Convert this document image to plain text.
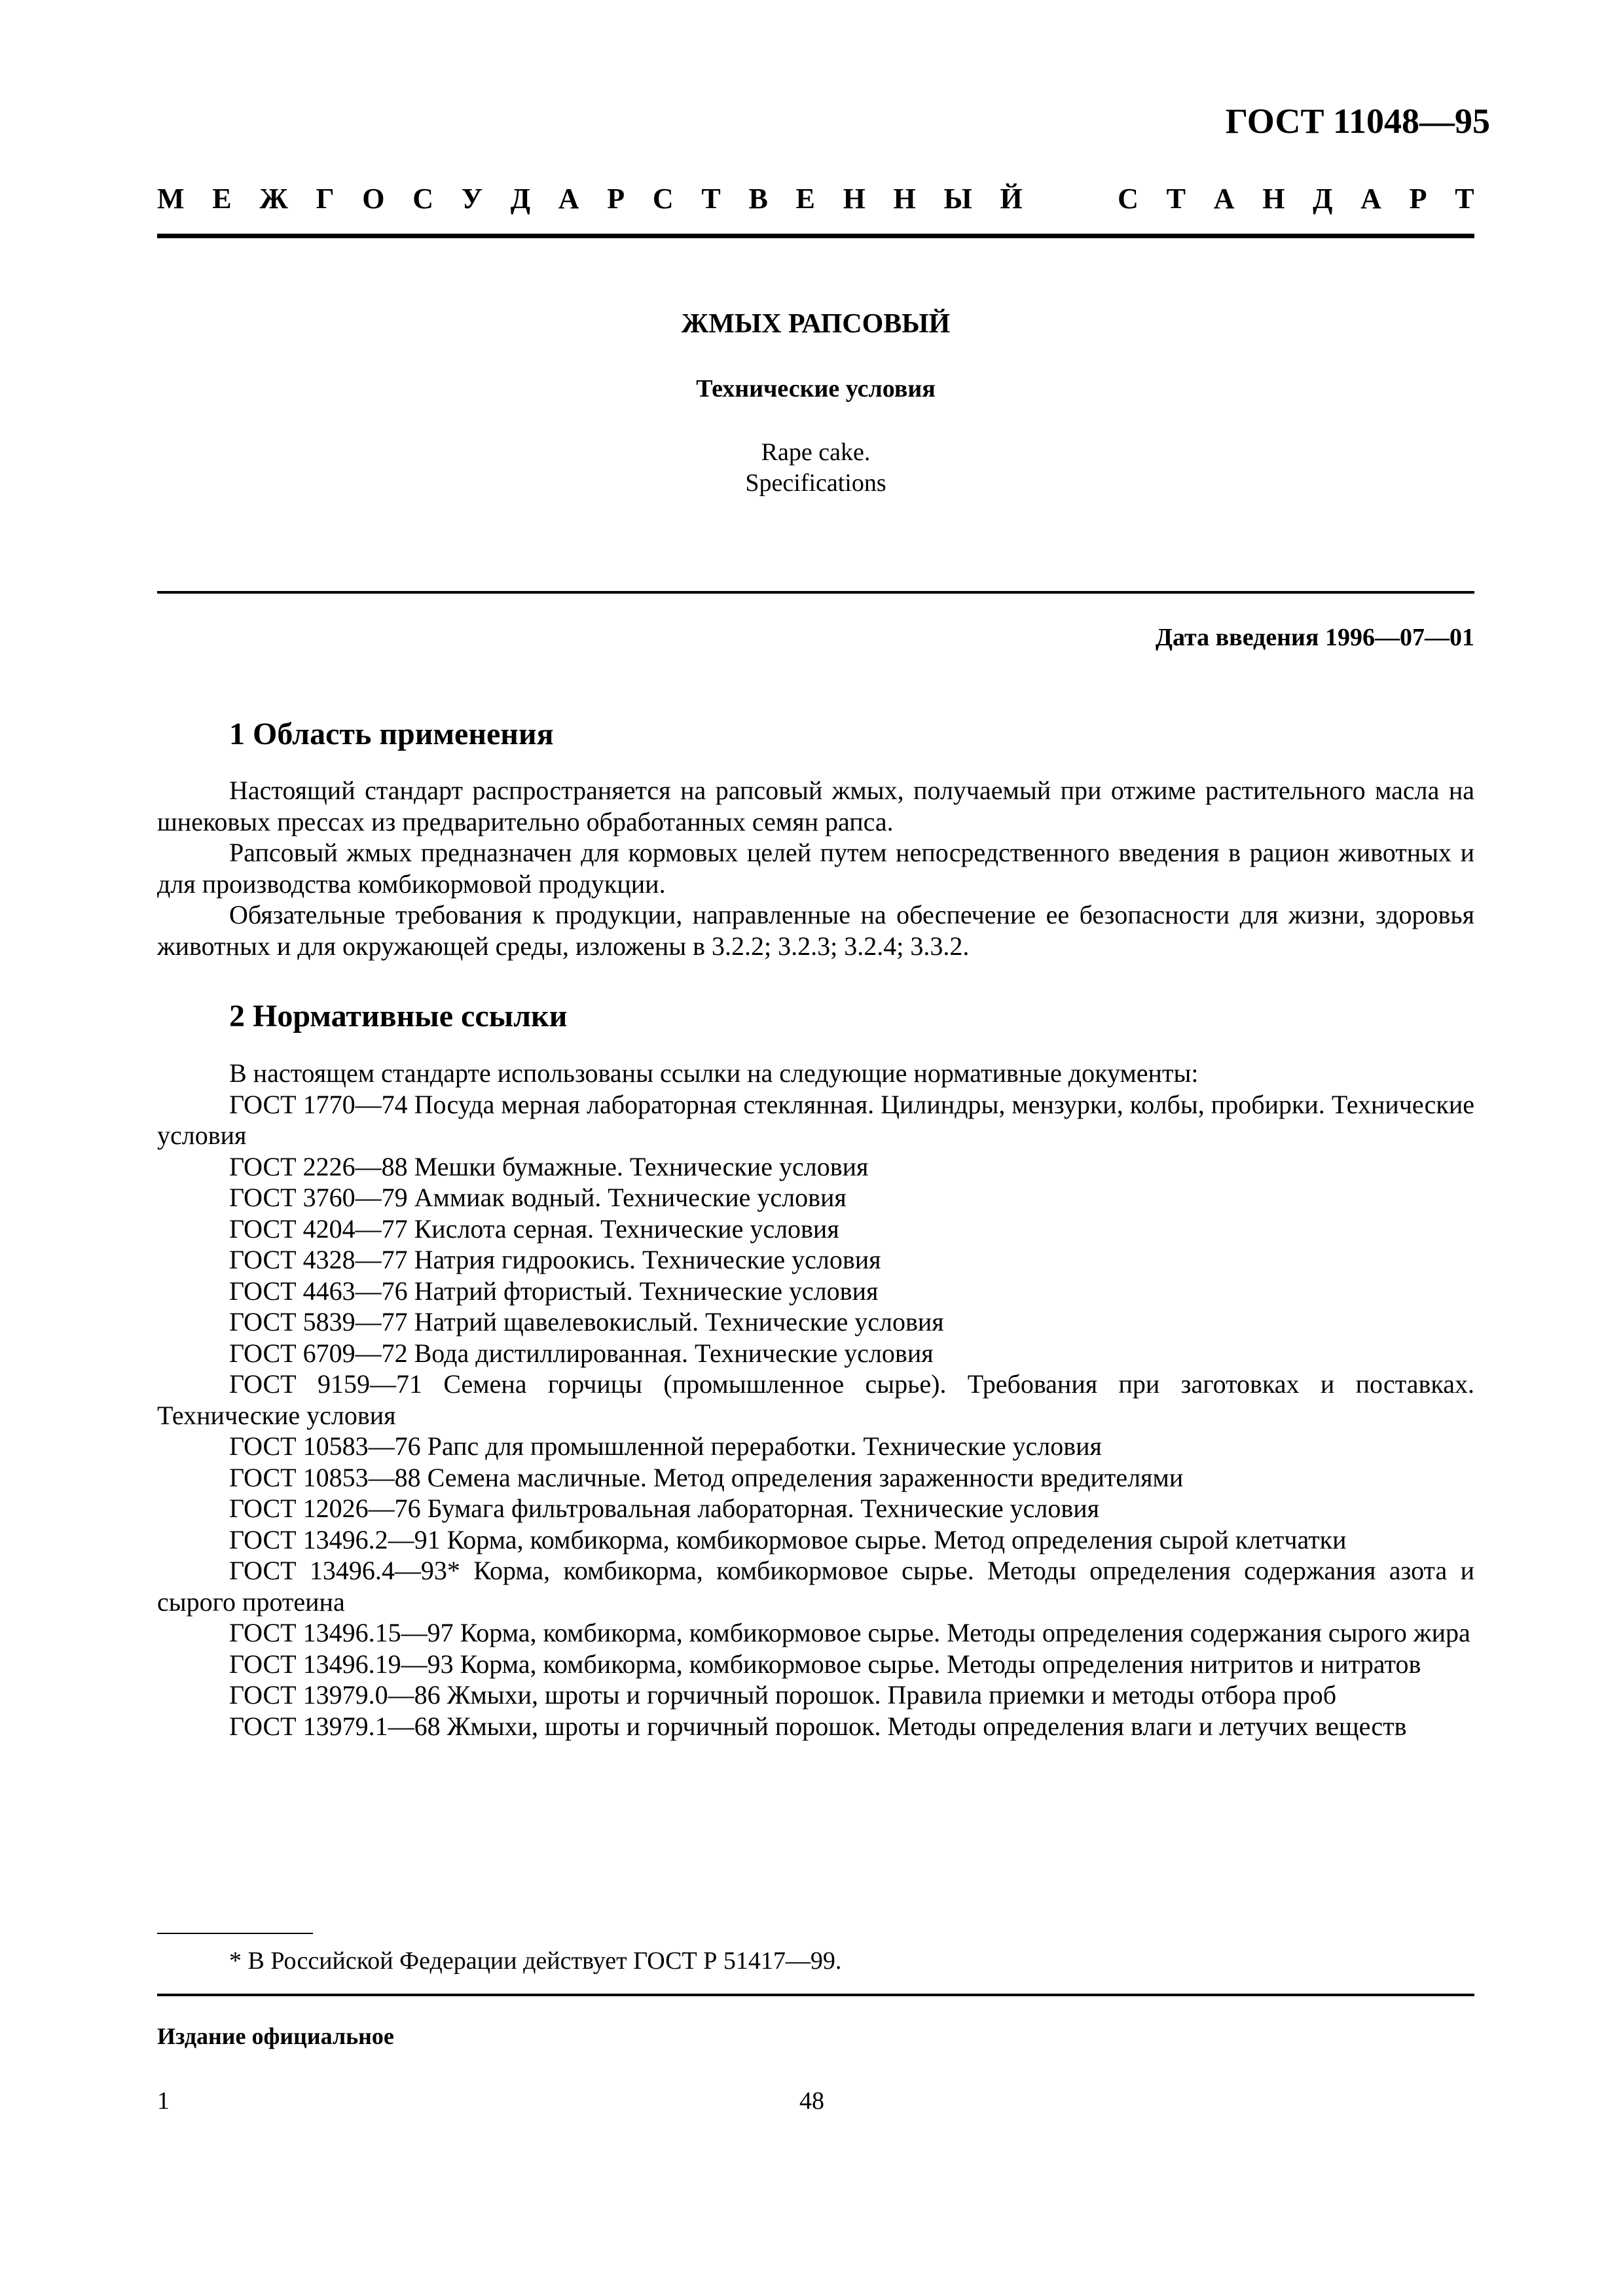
ГОСТ 11048—95
М Е Ж Г О С У Д А Р С Т В Е Н Н Ы Й	С Т А Н Д А Р Т
ЖМЫХ РАПСОВЫЙ
Технические условия
Rape cake.
Specifications
Дата введения 1996—07—01
1 Область применения

Настоящий стандарт распространяется на рапсовый жмых, получаемый при отжиме растительного масла на шнековых прессах из предварительно обработанных семян рапса.

Рапсовый жмых предназначен для кормовых целей путем непосредственного введения в рацион животных и для производства комбикормовой продукции.

Обязательные требования к продукции, направленные на обеспечение ее безопасности для жизни, здоровья животных и для окружающей среды, изложены в 3.2.2; 3.2.3; 3.2.4; 3.3.2.

2 Нормативные ссылки

В настоящем стандарте использованы ссылки на следующие нормативные документы:

ГОСТ 1770—74 Посуда мерная лабораторная стеклянная. Цилиндры, мензурки, колбы, пробирки. Технические условия

ГОСТ 2226—88 Мешки бумажные. Технические условия

ГОСТ 3760—79 Аммиак водный. Технические условия

ГОСТ 4204—77 Кислота серная. Технические условия

ГОСТ 4328—77 Натрия гидроокись. Технические условия

ГОСТ 4463—76 Натрий фтористый. Технические условия

ГОСТ 5839—77 Натрий щавелевокислый. Технические условия

ГОСТ 6709—72 Вода дистиллированная. Технические условия

ГОСТ 9159—71 Семена горчицы (промышленное сырье). Требования при заготовках и поставках. Технические условия

ГОСТ 10583—76 Рапс для промышленной переработки. Технические условия

ГОСТ 10853—88 Семена масличные. Метод определения зараженности вредителями

ГОСТ 12026—76 Бумага фильтровальная лабораторная. Технические условия

ГОСТ 13496.2—91 Корма, комбикорма, комбикормовое сырье. Метод определения сырой клетчатки

ГОСТ 13496.4—93* Корма, комбикорма, комбикормовое сырье. Методы определения содержания азота и сырого протеина

ГОСТ 13496.15—97 Корма, комбикорма, комбикормовое сырье. Методы определения содержания сырого жира

ГОСТ 13496.19—93 Корма, комбикорма, комбикормовое сырье. Методы определения нитритов и нитратов

ГОСТ 13979.0—86 Жмыхи, шроты и горчичный порошок. Правила приемки и методы отбора проб

ГОСТ 13979.1—68 Жмыхи, шроты и горчичный порошок. Методы определения влаги и летучих веществ

* В Российской Федерации действует ГОСТ Р 51417—99.
Издание официальное
1	48
